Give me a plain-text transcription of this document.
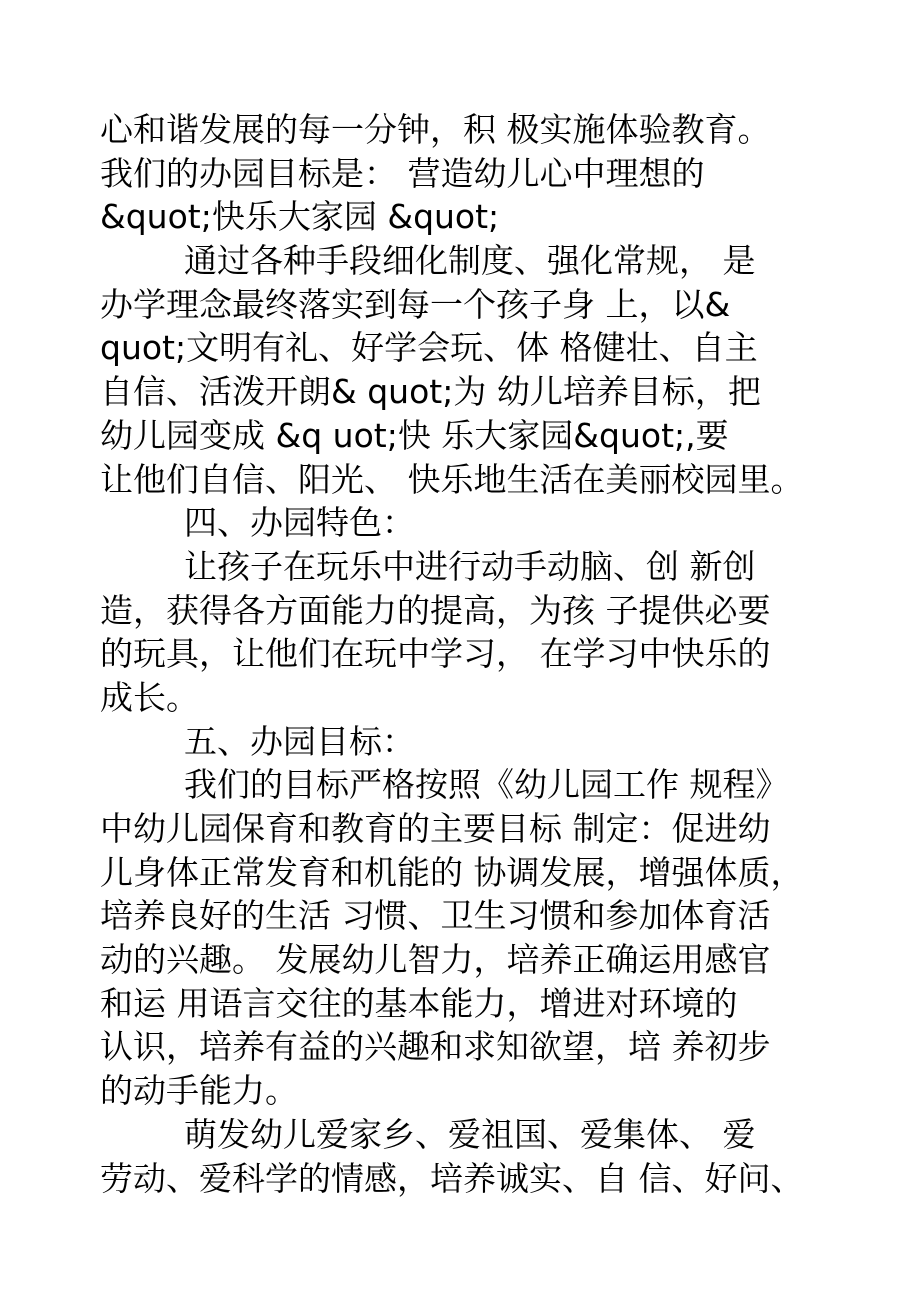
心和谐发展的每一分钟，积 极实施体验教育。
我们的办园目标是： 营造幼儿心中理想的
&quot;快乐大家园 &quot;
通过各种手段细化制度、强化常规， 是
办学理念最终落实到每一个孩子身 上，以&
quot;文明有礼、好学会玩、体 格健壮、自主
自信、活泼开朗& quot;为 幼儿培养目标，把
幼儿园变成 &q uot;快 乐大家园&quot;,要
让他们自信、阳光、 快乐地生活在美丽校园里。
四、办园特色：
让孩子在玩乐中进行动手动脑、创 新创
造，获得各方面能力的提高，为孩 子提供必要
的玩具，让他们在玩中学习， 在学习中快乐的
成长。
五、办园目标：
我们的目标严格按照《幼儿园工作 规程》
中幼儿园保育和教育的主要目标 制定：促进幼
儿身体正常发育和机能的 协调发展，增强体质，
培养良好的生活 习惯、卫生习惯和参加体育活
动的兴趣。 发展幼儿智力，培养正确运用感官
和运 用语言交往的基本能力，增进对环境的
认识，培养有益的兴趣和求知欲望，培 养初步
的动手能力。
萌发幼儿爱家乡、爱祖国、爱集体、 爱
劳动、爱科学的情感，培养诚实、自 信、好问、
